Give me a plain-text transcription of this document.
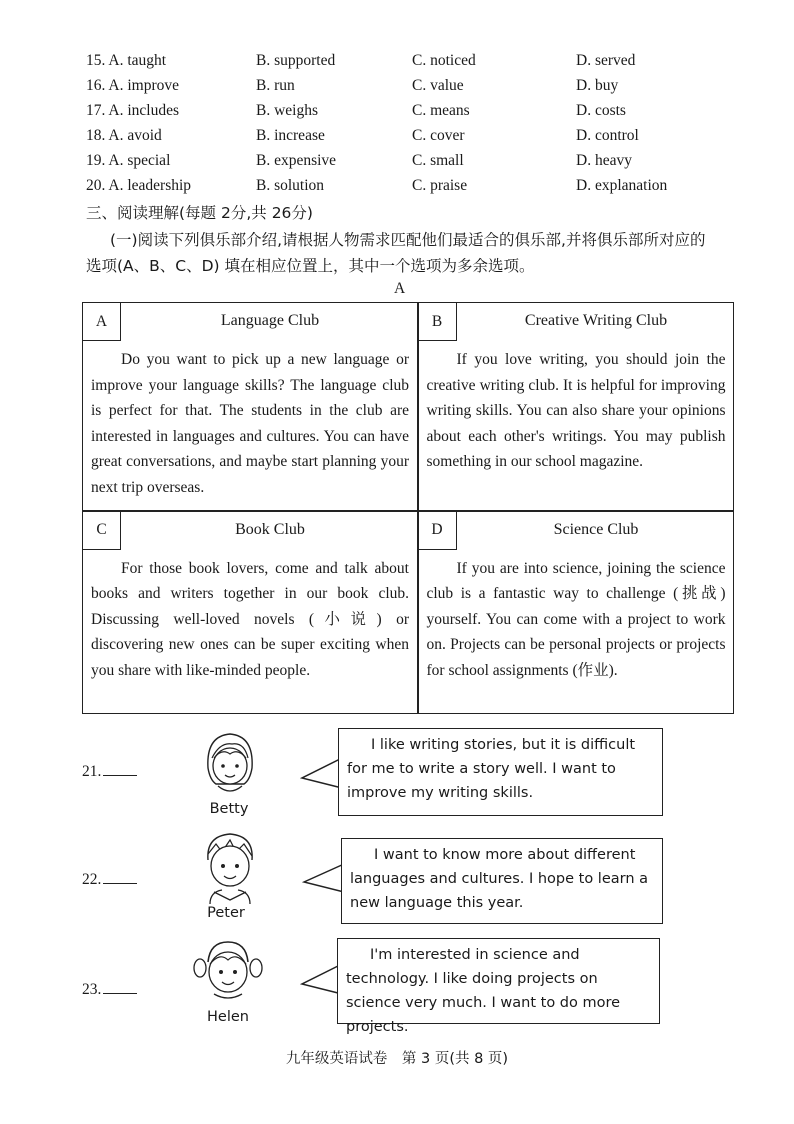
15. A. taught	B. supported	C. noticed	D. served
16. A. improve	B. run	C. value	D. buy
17. A. includes	B. weighs	C. means	D. costs
18. A. avoid	B. increase	C. cover	D. control
19. A. special	B. expensive	C. small	D. heavy
20. A. leadership	B. solution	C. praise	D. explanation
三、阅读理解(每题 2分,共 26分)
(一)阅读下列俱乐部介绍,请根据人物需求匹配他们最适合的俱乐部,并将俱乐部所对应的选项(A、B、C、D) 填在相应位置上，其中一个选项为多余选项。
A
A	Language Club
Do you want to pick up a new language or improve your language skills? The language club is perfect for that. The students in the club are interested in languages and cultures. You can have great conversations, and maybe start planning your next trip overseas.
B	Creative Writing Club
If you love writing, you should join the creative writing club. It is helpful for improving writing skills. You can also share your opinions about each other's writings. You may publish something in our school magazine.
C	Book Club
For those book lovers, come and talk about books and writers together in our book club. Discussing well-loved novels (小说) or discovering new ones can be super exciting when you share with like-minded people.
D	Science Club
If you are into science, joining the science club is a fantastic way to challenge (挑战) yourself. You can come with a project to work on. Projects can be personal projects or projects for school assignments (作业).
21.
Betty
I like writing stories, but it is difficult for me to write a story well. I want to improve my writing skills.
22.
Peter
I want to know more about different languages and cultures. I hope to learn a new language this year.
23.
Helen
I'm interested in science and technology. I like doing projects on science very much. I want to do more projects.
九年级英语试卷　第 3 页(共 8 页)
